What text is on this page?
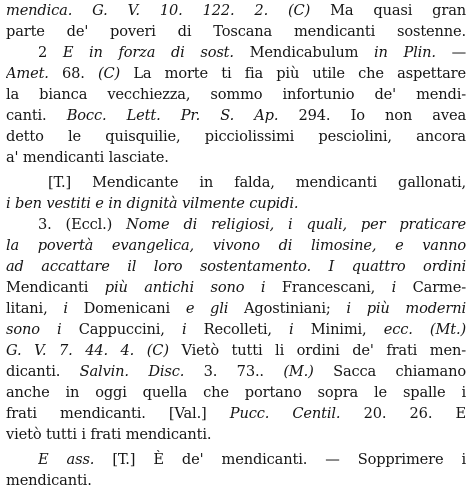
mendica. G. V. 10. 122. 2. (C) Ma quasi gran
parte de' poveri di Toscana mendicanti sostenne.
2 E in forza di sost. Mendicabulum in Plin. —
Amet. 68. (C) La morte ti fia più utile che aspettare
la bianca vecchiezza, sommo infortunio de' mendi-
canti. Bocc. Lett. Pr. S. Ap. 294. Io non avea
detto le quisquilie, picciolissimi pesciolini, ancora
a' mendicanti lasciate.
[T.] Mendicante in falda, mendicanti gallonati,
i ben vestiti e in dignità vilmente cupidi.
3. (Eccl.) Nome di religiosi, i quali, per praticare
la povertà evangelica, vivono di limosine, e vanno
ad accattare il loro sostentamento. I quattro ordini
Mendicanti più antichi sono i Francescani, i Carme-
litani, i Domenicani e gli Agostiniani; i più moderni
sono i Cappuccini, i Recolleti, i Minimi, ecc. (Mt.)
G. V. 7. 44. 4. (C) Vietò tutti li ordini de' frati men-
dicanti. Salvin. Disc. 3. 73.. (M.) Sacca chiamano
anche in oggi quella che portano sopra le spalle i
frati mendicanti. [Val.] Pucc. Centil. 20. 26. E
vietò tutti i frati mendicanti.
E ass. [T.] È de' mendicanti. — Sopprimere i
mendicanti.
